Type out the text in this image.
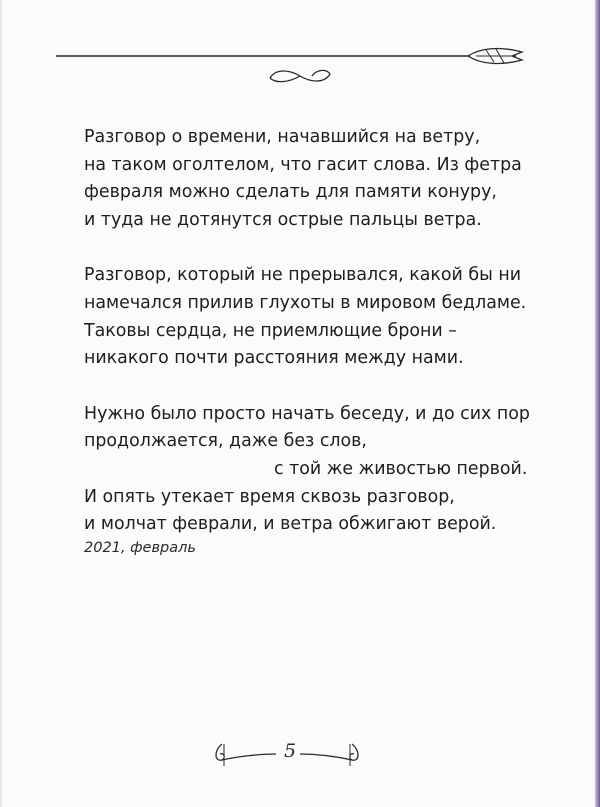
Разговор о времени, начавшийся на ветру,
на таком оголтелом, что гасит слова. Из фетра
февраля можно сделать для памяти конуру,
и туда не дотянутся острые пальцы ветра.
Разговор, который не прерывался, какой бы ни
намечался прилив глухоты в мировом бедламе.
Таковы сердца, не приемлющие брони –
никакого почти расстояния между нами.
Нужно было просто начать беседу, и до сих пор
продолжается, даже без слов,
с той же живостью первой.
И опять утекает время сквозь разговор,
и молчат феврали, и ветра обжигают верой.
2021, февраль
5
